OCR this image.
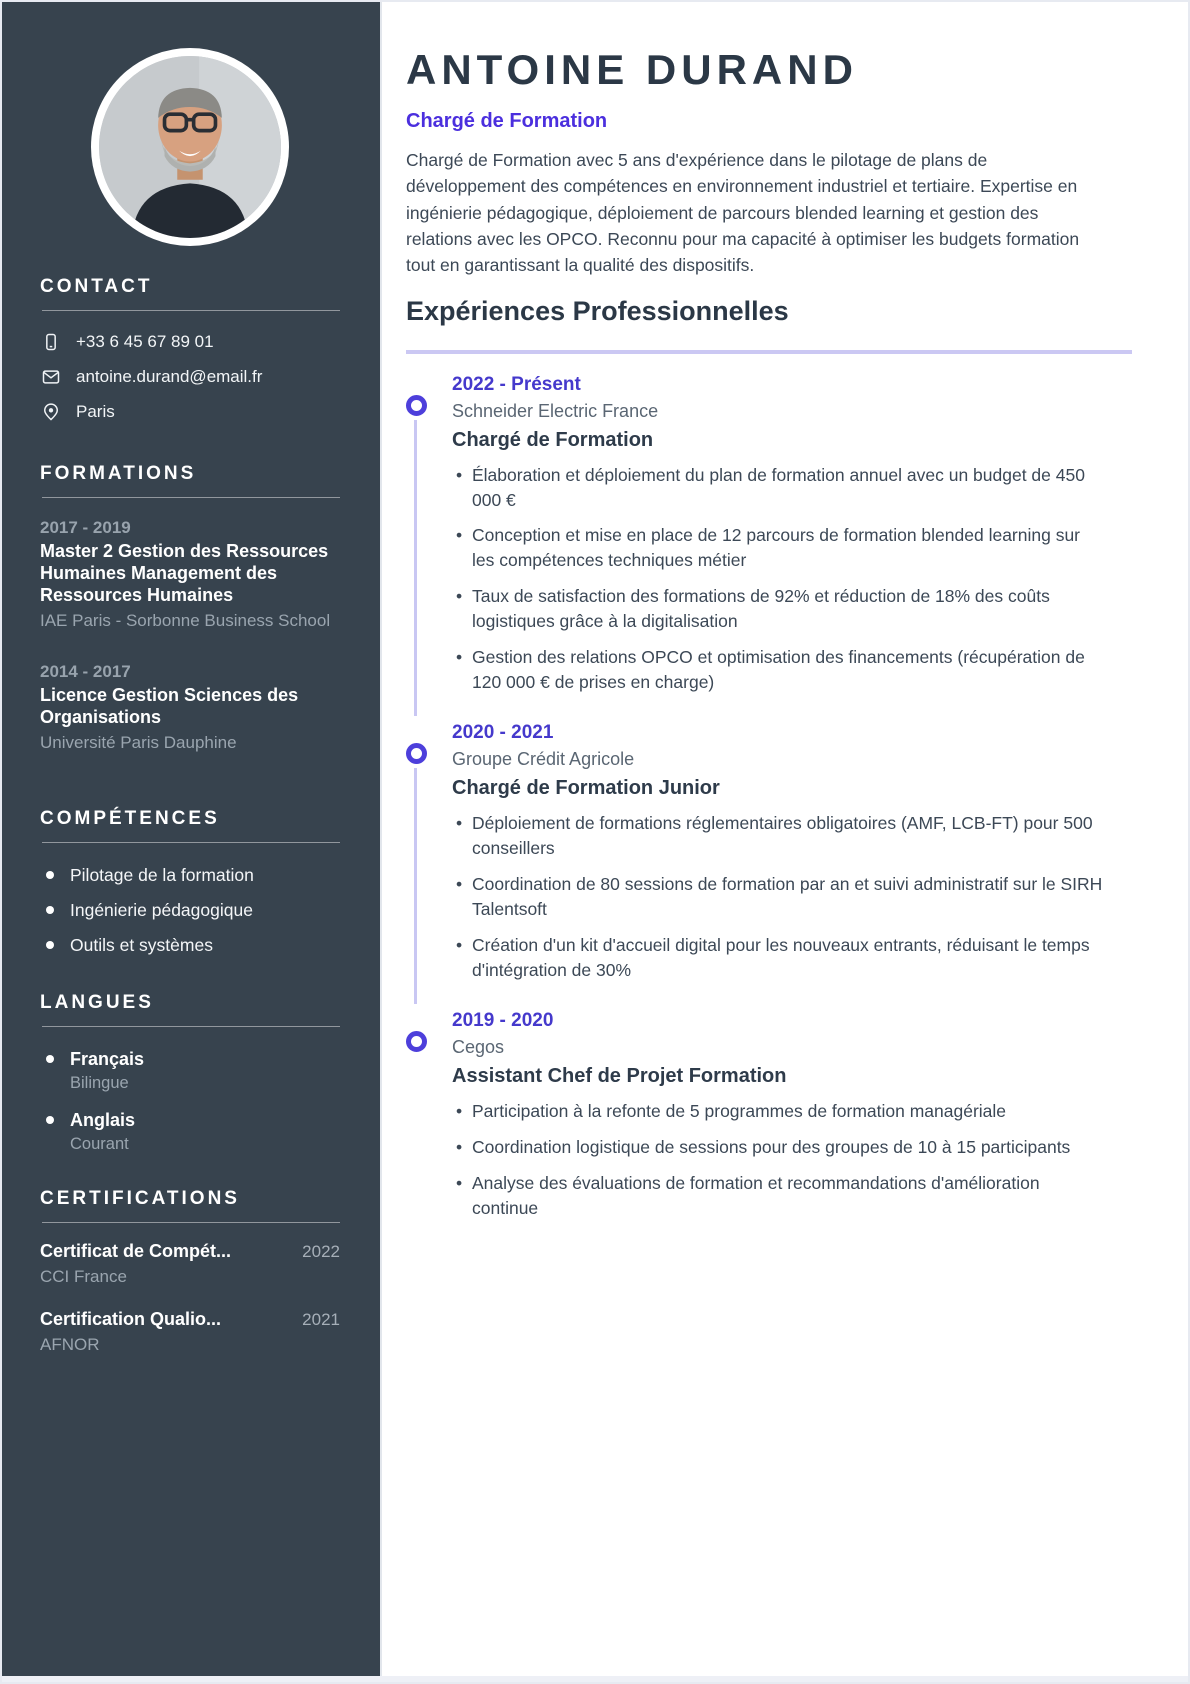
CONTACT
+33 6 45 67 89 01
antoine.durand@email.fr
Paris
FORMATIONS
2017 - 2019
Master 2 Gestion des Ressources Humaines Management des Ressources Humaines
IAE Paris - Sorbonne Business School
2014 - 2017
Licence Gestion Sciences des Organisations
Université Paris Dauphine
COMPÉTENCES
Pilotage de la formation
Ingénierie pédagogique
Outils et systèmes
LANGUES
Français
Bilingue
Anglais
Courant
CERTIFICATIONS
Certificat de Compét...	2022
CCI France
Certification Qualio...	2021
AFNOR
ANTOINE DURAND
Chargé de Formation

Chargé de Formation avec 5 ans d'expérience dans le pilotage de plans de développement des compétences en environnement industriel et tertiaire. Expertise en ingénierie pédagogique, déploiement de parcours blended learning et gestion des relations avec les OPCO. Reconnu pour ma capacité à optimiser les budgets formation tout en garantissant la qualité des dispositifs.

Expériences Professionnelles
2022 - Présent
Schneider Electric France
Chargé de Formation
• Élaboration et déploiement du plan de formation annuel avec un budget de 450 000 €
• Conception et mise en place de 12 parcours de formation blended learning sur les compétences techniques métier
• Taux de satisfaction des formations de 92% et réduction de 18% des coûts logistiques grâce à la digitalisation
• Gestion des relations OPCO et optimisation des financements (récupération de 120 000 € de prises en charge)
2020 - 2021
Groupe Crédit Agricole
Chargé de Formation Junior
• Déploiement de formations réglementaires obligatoires (AMF, LCB-FT) pour 500 conseillers
• Coordination de 80 sessions de formation par an et suivi administratif sur le SIRH Talentsoft
• Création d'un kit d'accueil digital pour les nouveaux entrants, réduisant le temps d'intégration de 30%
2019 - 2020
Cegos
Assistant Chef de Projet Formation
• Participation à la refonte de 5 programmes de formation managériale
• Coordination logistique de sessions pour des groupes de 10 à 15 participants
• Analyse des évaluations de formation et recommandations d'amélioration continue
